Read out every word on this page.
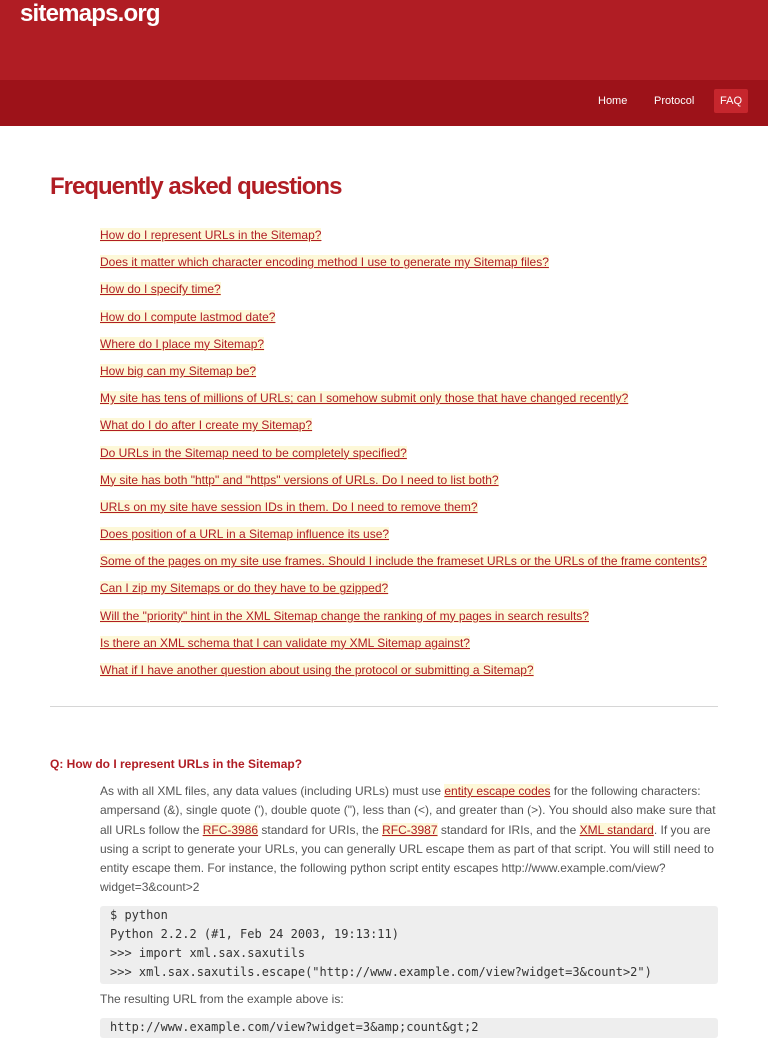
sitemaps.org
Home	Protocol	FAQ
Frequently asked questions
How do I represent URLs in the Sitemap?
Does it matter which character encoding method I use to generate my Sitemap files?
How do I specify time?
How do I compute lastmod date?
Where do I place my Sitemap?
How big can my Sitemap be?
My site has tens of millions of URLs; can I somehow submit only those that have changed recently?
What do I do after I create my Sitemap?
Do URLs in the Sitemap need to be completely specified?
My site has both "http" and "https" versions of URLs. Do I need to list both?
URLs on my site have session IDs in them. Do I need to remove them?
Does position of a URL in a Sitemap influence its use?
Some of the pages on my site use frames. Should I include the frameset URLs or the URLs of the frame contents?
Can I zip my Sitemaps or do they have to be gzipped?
Will the "priority" hint in the XML Sitemap change the ranking of my pages in search results?
Is there an XML schema that I can validate my XML Sitemap against?
What if I have another question about using the protocol or submitting a Sitemap?
Q: How do I represent URLs in the Sitemap?

As with all XML files, any data values (including URLs) must use entity escape codes for the following characters: ampersand (&), single quote ('), double quote ("), less than (<), and greater than (>). You should also make sure that all URLs follow the RFC-3986 standard for URIs, the RFC-3987 standard for IRIs, and the XML standard. If you are using a script to generate your URLs, you can generally URL escape them as part of that script. You will still need to entity escape them. For instance, the following python script entity escapes http://www.example.com/view?widget=3&count>2

$ python
Python 2.2.2 (#1, Feb 24 2003, 19:13:11)
>>> import xml.sax.saxutils
>>> xml.sax.saxutils.escape("http://www.example.com/view?widget=3&count>2")

The resulting URL from the example above is:

http://www.example.com/view?widget=3&amp;count&gt;2
